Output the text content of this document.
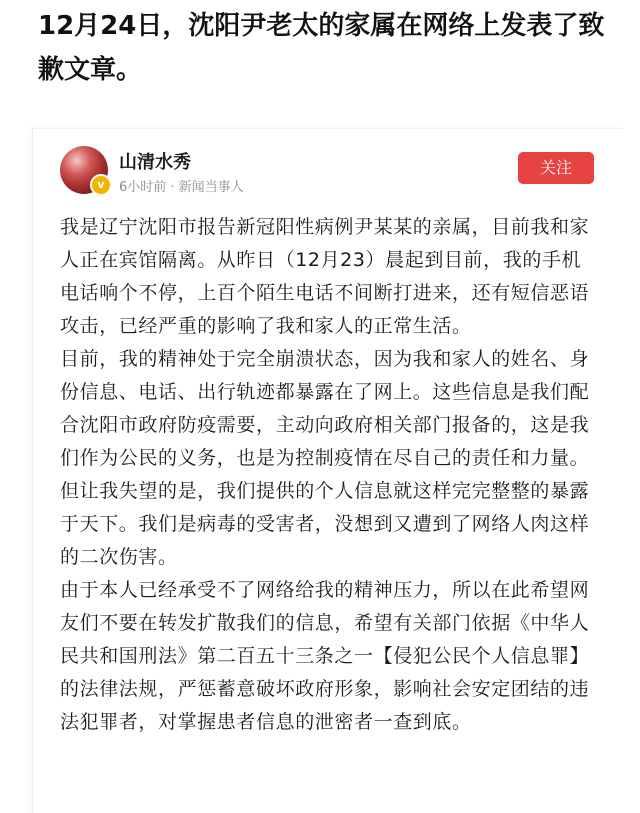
12月24日，沈阳尹老太的家属在网络上发表了致歉文章。
v
山清水秀
6小时前 · 新闻当事人
关注

我是辽宁沈阳市报告新冠阳性病例尹某某的亲属，目前我和家人正在宾馆隔离。从昨日（12月23）晨起到目前，我的手机电话响个不停，上百个陌生电话不间断打进来，还有短信恶语攻击，已经严重的影响了我和家人的正常生活。

目前，我的精神处于完全崩溃状态，因为我和家人的姓名、身份信息、电话、出行轨迹都暴露在了网上。这些信息是我们配合沈阳市政府防疫需要，主动向政府相关部门报备的，这是我们作为公民的义务，也是为控制疫情在尽自己的责任和力量。

但让我失望的是，我们提供的个人信息就这样完完整整的暴露于天下。我们是病毒的受害者，没想到又遭到了网络人肉这样的二次伤害。

由于本人已经承受不了网络给我的精神压力，所以在此希望网友们不要在转发扩散我们的信息，希望有关部门依据《中华人民共和国刑法》第二百五十三条之一【侵犯公民个人信息罪】的法律法规，严惩蓄意破坏政府形象，影响社会安定团结的违法犯罪者，对掌握患者信息的泄密者一查到底。
